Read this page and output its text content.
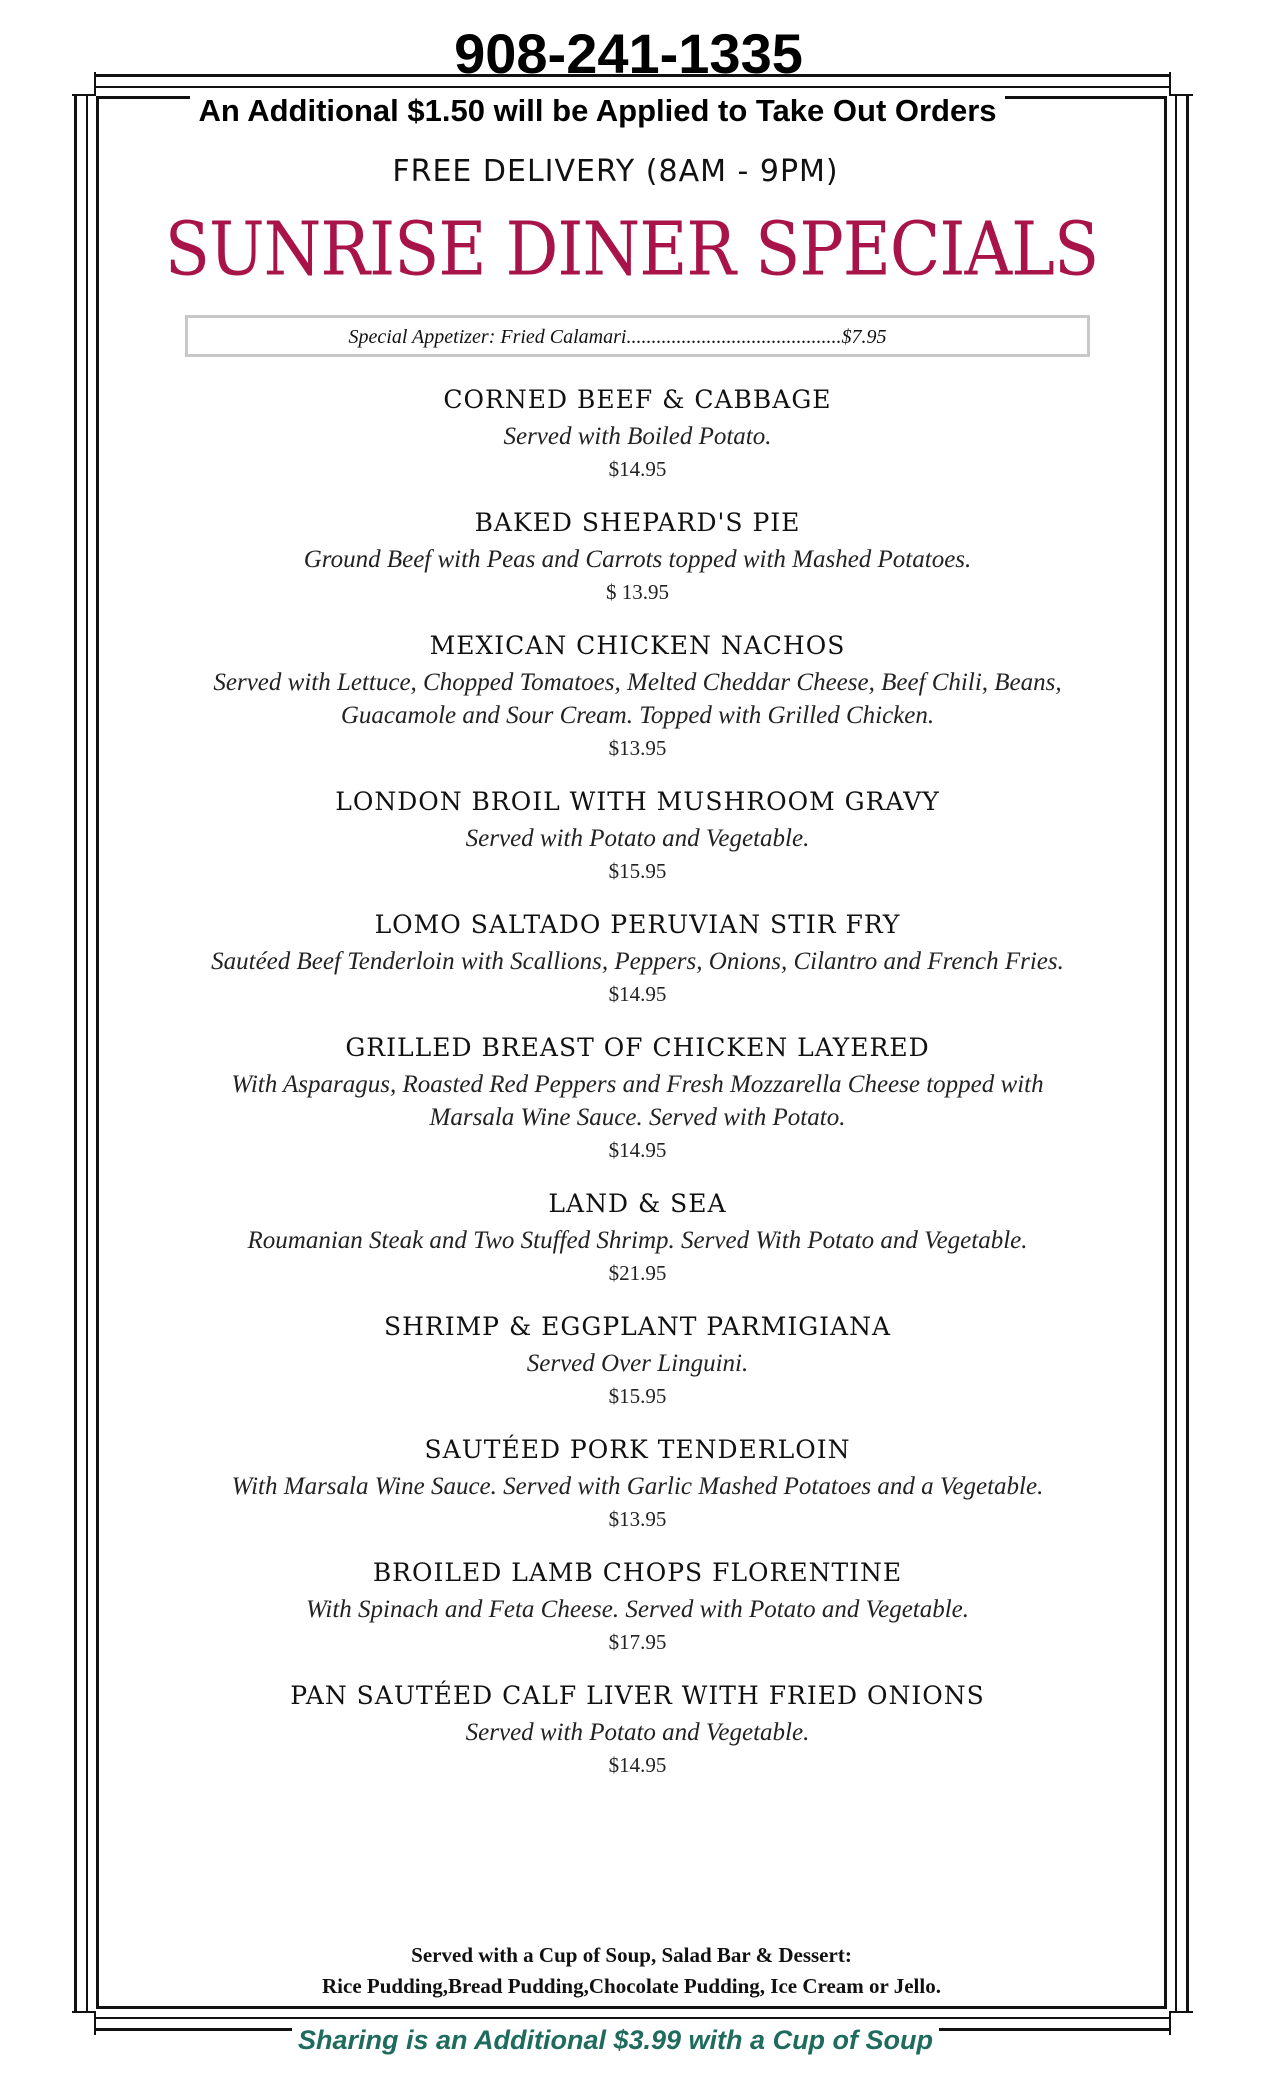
908-241-1335
An Additional $1.50 will be Applied to Take Out Orders
FREE DELIVERY (8AM - 9PM)
SUNRISE DINER SPECIALS
Special Appetizer: Fried Calamari...........................................$7.95
CORNED BEEF & CABBAGE
Served with Boiled Potato.
$14.95
BAKED SHEPARD'S PIE
Ground Beef with Peas and Carrots topped with Mashed Potatoes.
$ 13.95
MEXICAN CHICKEN NACHOS
Served with Lettuce, Chopped Tomatoes, Melted Cheddar Cheese, Beef Chili, Beans, Guacamole and Sour Cream. Topped with Grilled Chicken.
$13.95
LONDON BROIL WITH MUSHROOM GRAVY
Served with Potato and Vegetable.
$15.95
LOMO SALTADO PERUVIAN STIR FRY
Sautéed Beef Tenderloin with Scallions, Peppers, Onions, Cilantro and French Fries.
$14.95
GRILLED BREAST OF CHICKEN LAYERED
With Asparagus, Roasted Red Peppers and Fresh Mozzarella Cheese topped with Marsala Wine Sauce. Served with Potato.
$14.95
LAND & SEA
Roumanian Steak and Two Stuffed Shrimp. Served With Potato and Vegetable.
$21.95
SHRIMP & EGGPLANT PARMIGIANA
Served Over Linguini.
$15.95
SAUTÉED PORK TENDERLOIN
With Marsala Wine Sauce. Served with Garlic Mashed Potatoes and a Vegetable.
$13.95
BROILED LAMB CHOPS FLORENTINE
With Spinach and Feta Cheese. Served with Potato and Vegetable.
$17.95
PAN SAUTÉED CALF LIVER WITH FRIED ONIONS
Served with Potato and Vegetable.
$14.95
Served with a Cup of Soup, Salad Bar & Dessert:
Rice Pudding,Bread Pudding,Chocolate Pudding, Ice Cream or Jello.
Sharing is an Additional $3.99 with a Cup of Soup
